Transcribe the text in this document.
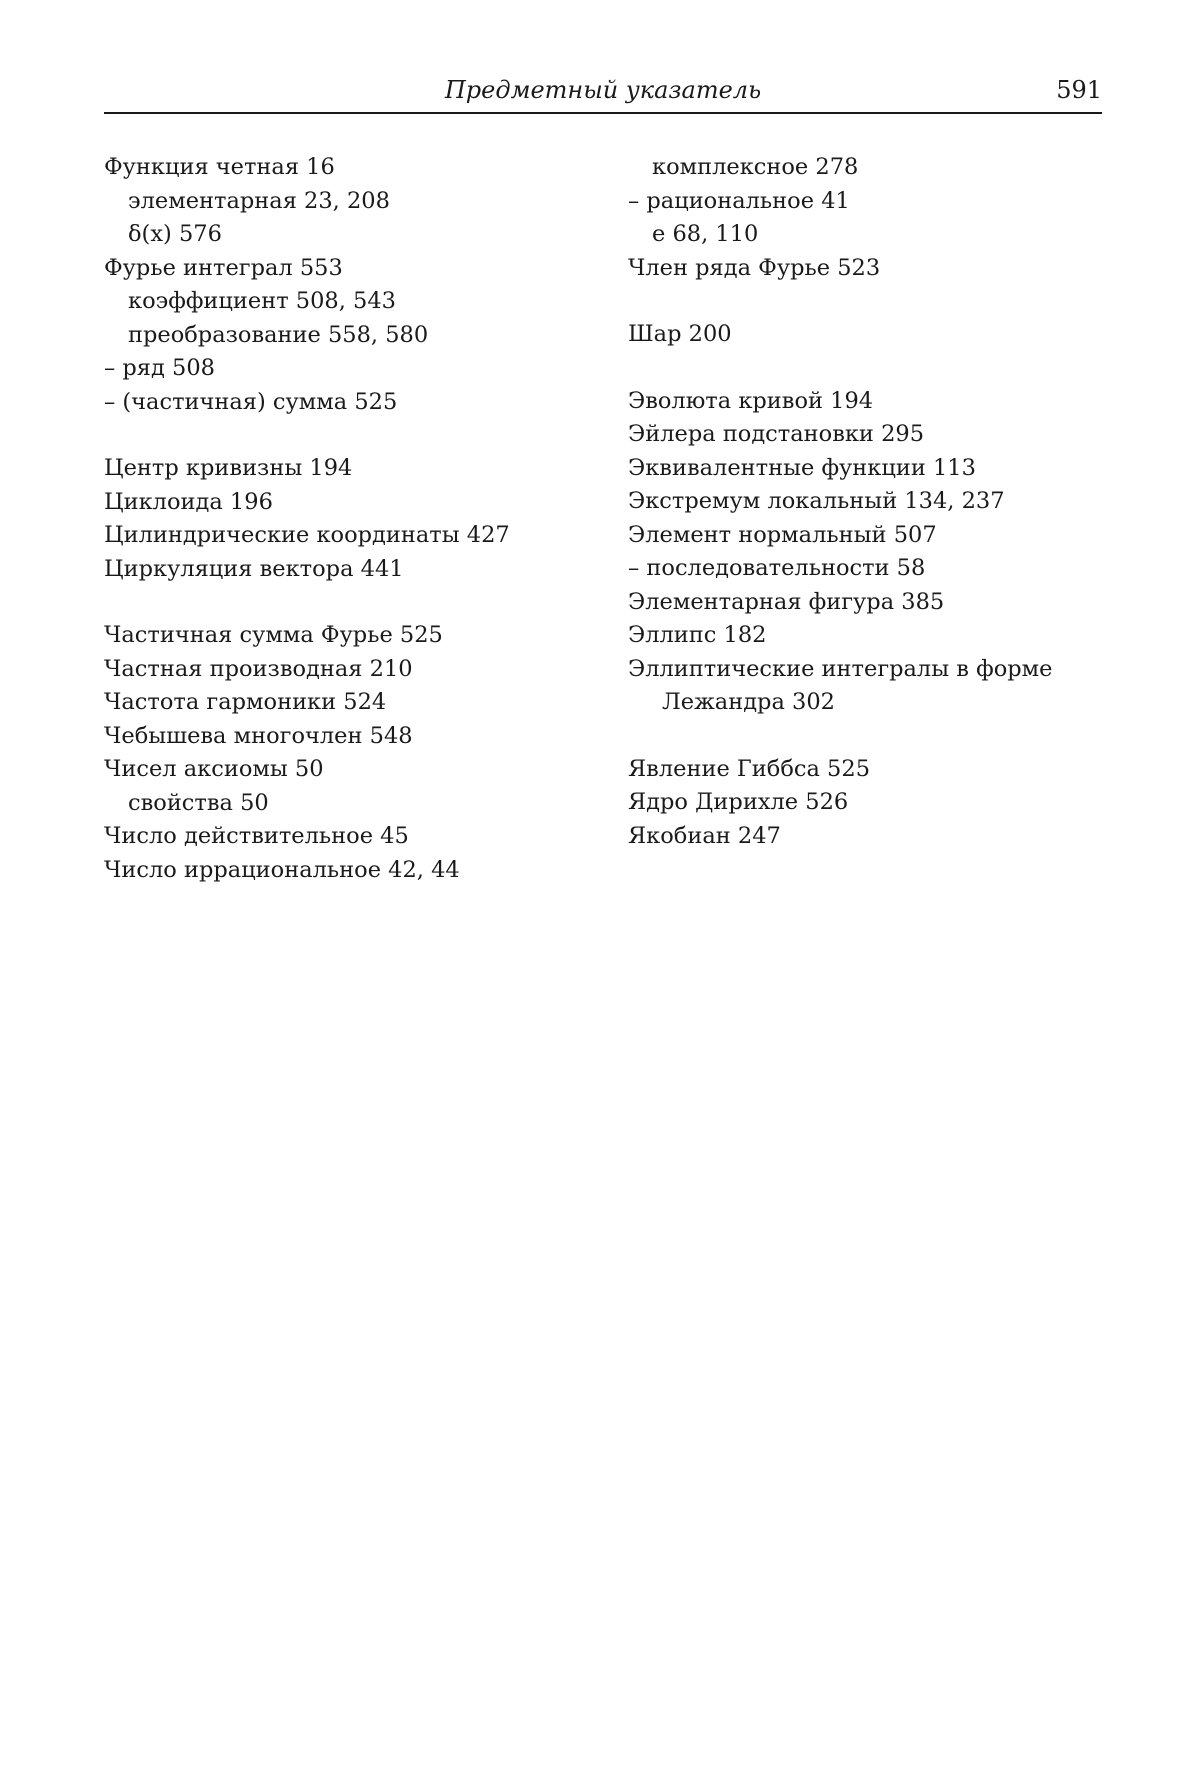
Предметный указатель	591
Функция четная 16
элементарная 23, 208
δ(x) 576
Фурье интеграл 553
коэффициент 508, 543
преобразование 558, 580
– ряд 508
– (частичная) сумма 525
Центр кривизны 194
Циклоида 196
Цилиндрические координаты 427
Циркуляция вектора 441
Частичная сумма Фурье 525
Частная производная 210
Частота гармоники 524
Чебышева многочлен 548
Чисел аксиомы 50
свойства 50
Число действительное 45
Число иррациональное 42, 44
комплексное 278
– рациональное 41
e 68, 110
Член ряда Фурье 523
Шар 200
Эволюта кривой 194
Эйлера подстановки 295
Эквивалентные функции 113
Экстремум локальный 134, 237
Элемент нормальный 507
– последовательности 58
Элементарная фигура 385
Эллипс 182
Эллиптические интегралы в форме
Лежандра 302
Явление Гиббса 525
Ядро Дирихле 526
Якобиан 247
